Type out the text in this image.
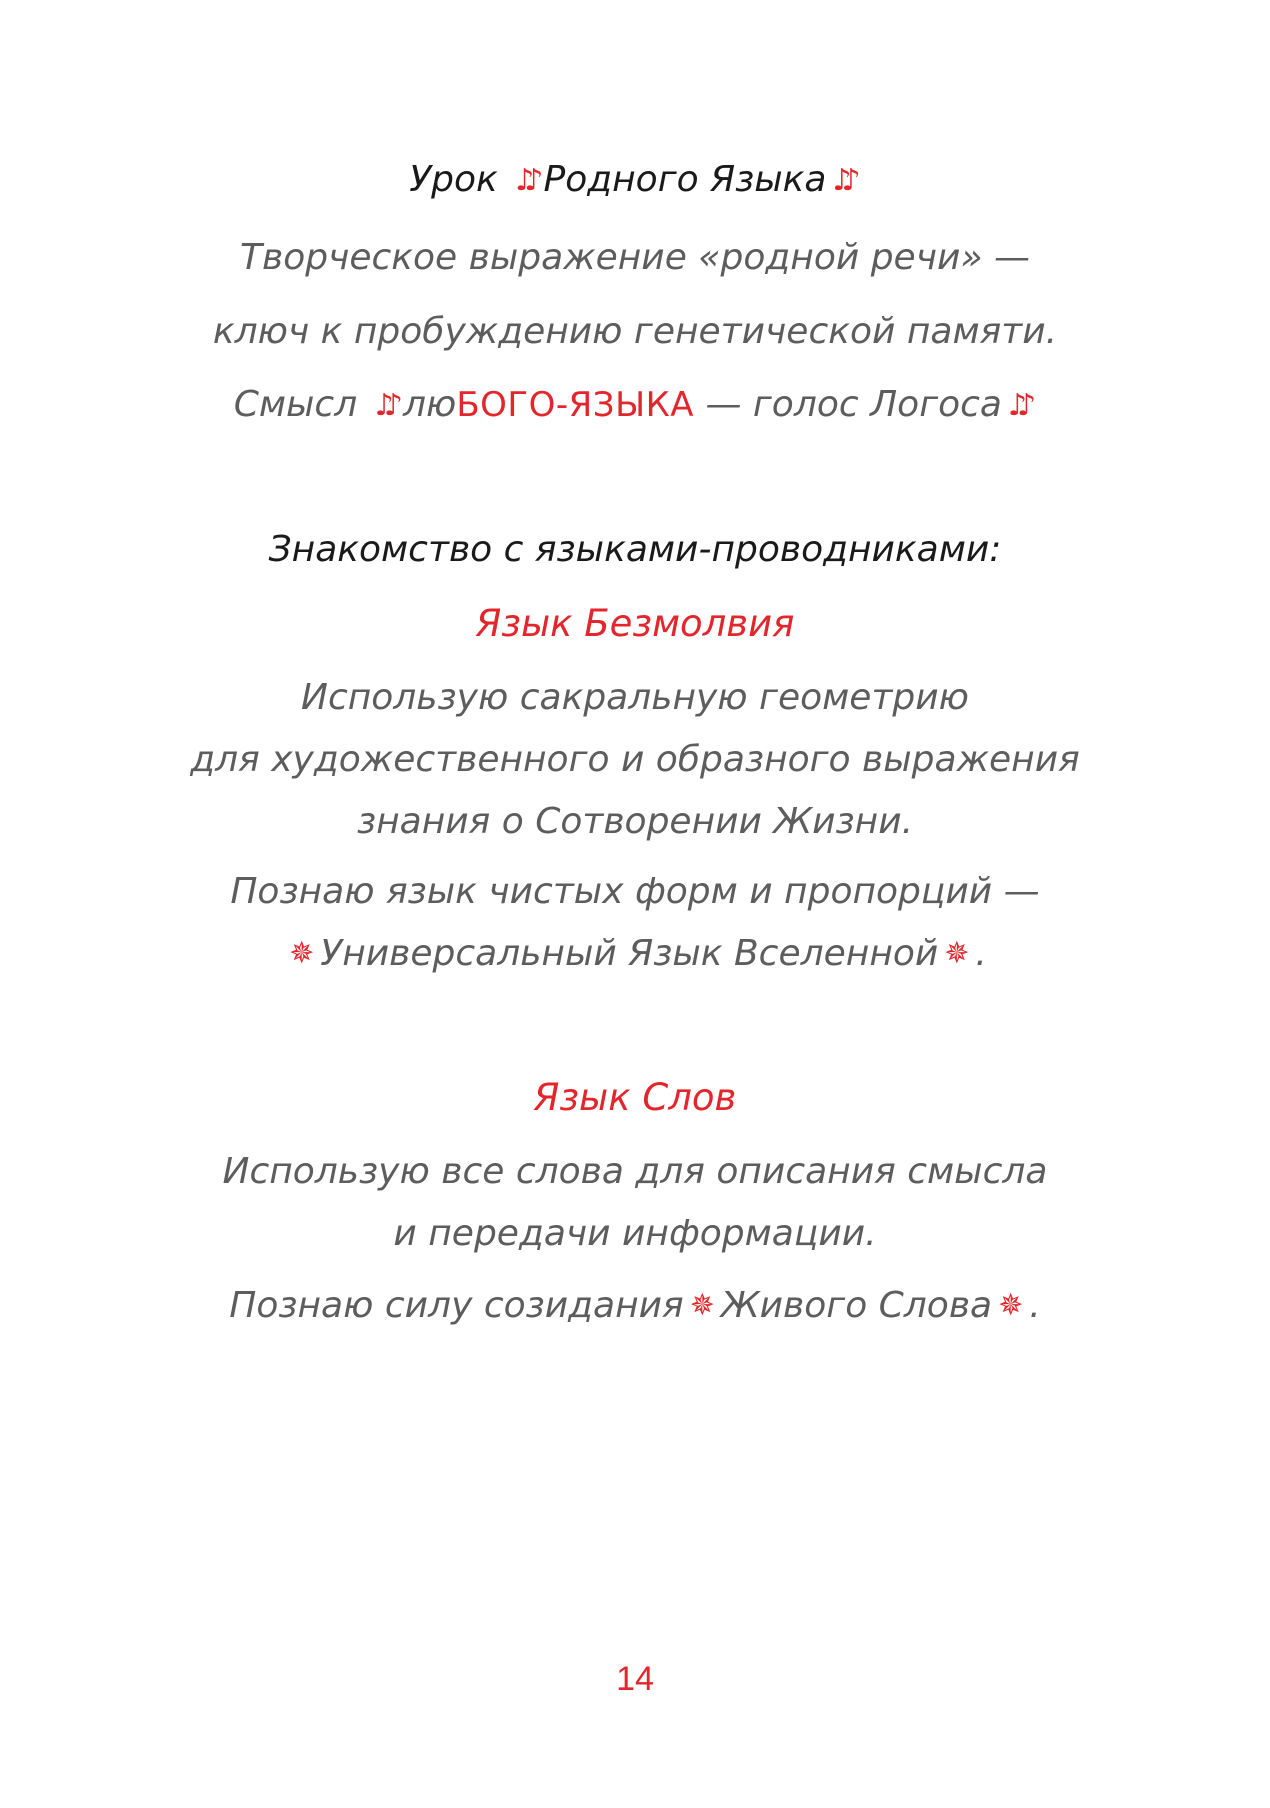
Урок ♪♪ Родного Языка ♪♪
Творческое выражение «родной речи» —
ключ к пробуждению генетической памяти.
Смысл ♪♪ люБОГО-ЯЗЫКА — голос Логоса ♪♪
Знакомство с языками-проводниками:
Язык Безмолвия
Использую сакральную геометрию
для художественного и образного выражения
знания о Сотворении Жизни.
Познаю язык чистых форм и пропорций —
✵ Универсальный Язык Вселенной ✵ .
Язык Слов
Использую все слова для описания смысла
и передачи информации.
Познаю силу созидания ✵ Живого Слова ✵ .
14
